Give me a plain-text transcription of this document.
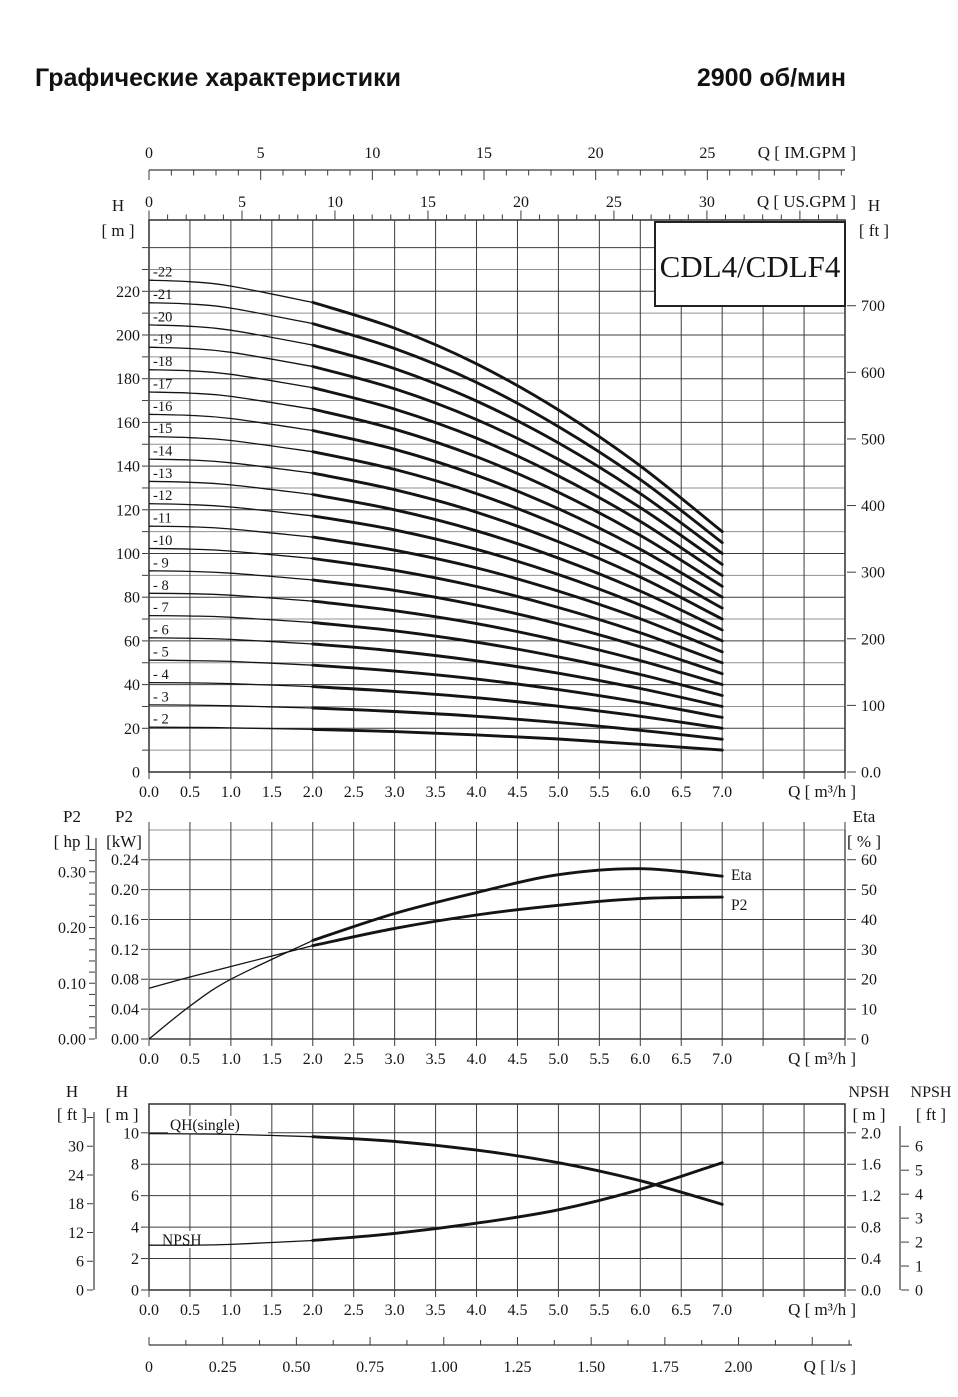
Графические характеристики	2900 об/мин
0	5	10	15	20	25 Q [ IM.GPM ]
0	5	10	15	20	25	30 Q [ US.GPM ]
H
[ m ]
220
200
180
160
140
120
100
80
60
40
20
0
H
[ ft ]
700
600
500
400
300
200
100
0.0
-22
-21
-20
-19
-18
-17
-16
-15
-14
-13
-12
-11
-10
- 9
- 8
- 7
- 6
- 5
- 4
- 3
- 2
CDL4/CDLF4
0.0 0.5 1.0 1.5 2.0 2.5 3.0 3.5 4.0 4.5 5.0 5.5 6.0 6.5 7.0	Q [ m³/h ]
P2
[ hp ]
0.30
0.20
0.10
0.00
P2
[kW]
0.24
0.20
0.16
0.12
0.08
0.04
0.00
Eta
[ % ]
60
50
40
30
20
10
0
Eta
P2
0.0 0.5 1.0 1.5 2.0 2.5 3.0 3.5 4.0 4.5 5.0 5.5 6.0 6.5 7.0	Q [ m³/h ]
H
[ ft ]
30
24
18
12
6
0
H
[ m ]
10
8
6
4
2
0
NPSH
[ m ]
2.0
1.6
1.2
0.8
0.4
0.0
NPSH
[ ft ]
6
5
4
3
2
1
0
QH(single)
NPSH
0.0 0.5 1.0 1.5 2.0 2.5 3.0 3.5 4.0 4.5 5.0 5.5 6.0 6.5 7.0	Q [ m³/h ]
0	0.25	0.50	0.75	1.00	1.25	1.50	1.75	2.00	Q [ l/s ]
